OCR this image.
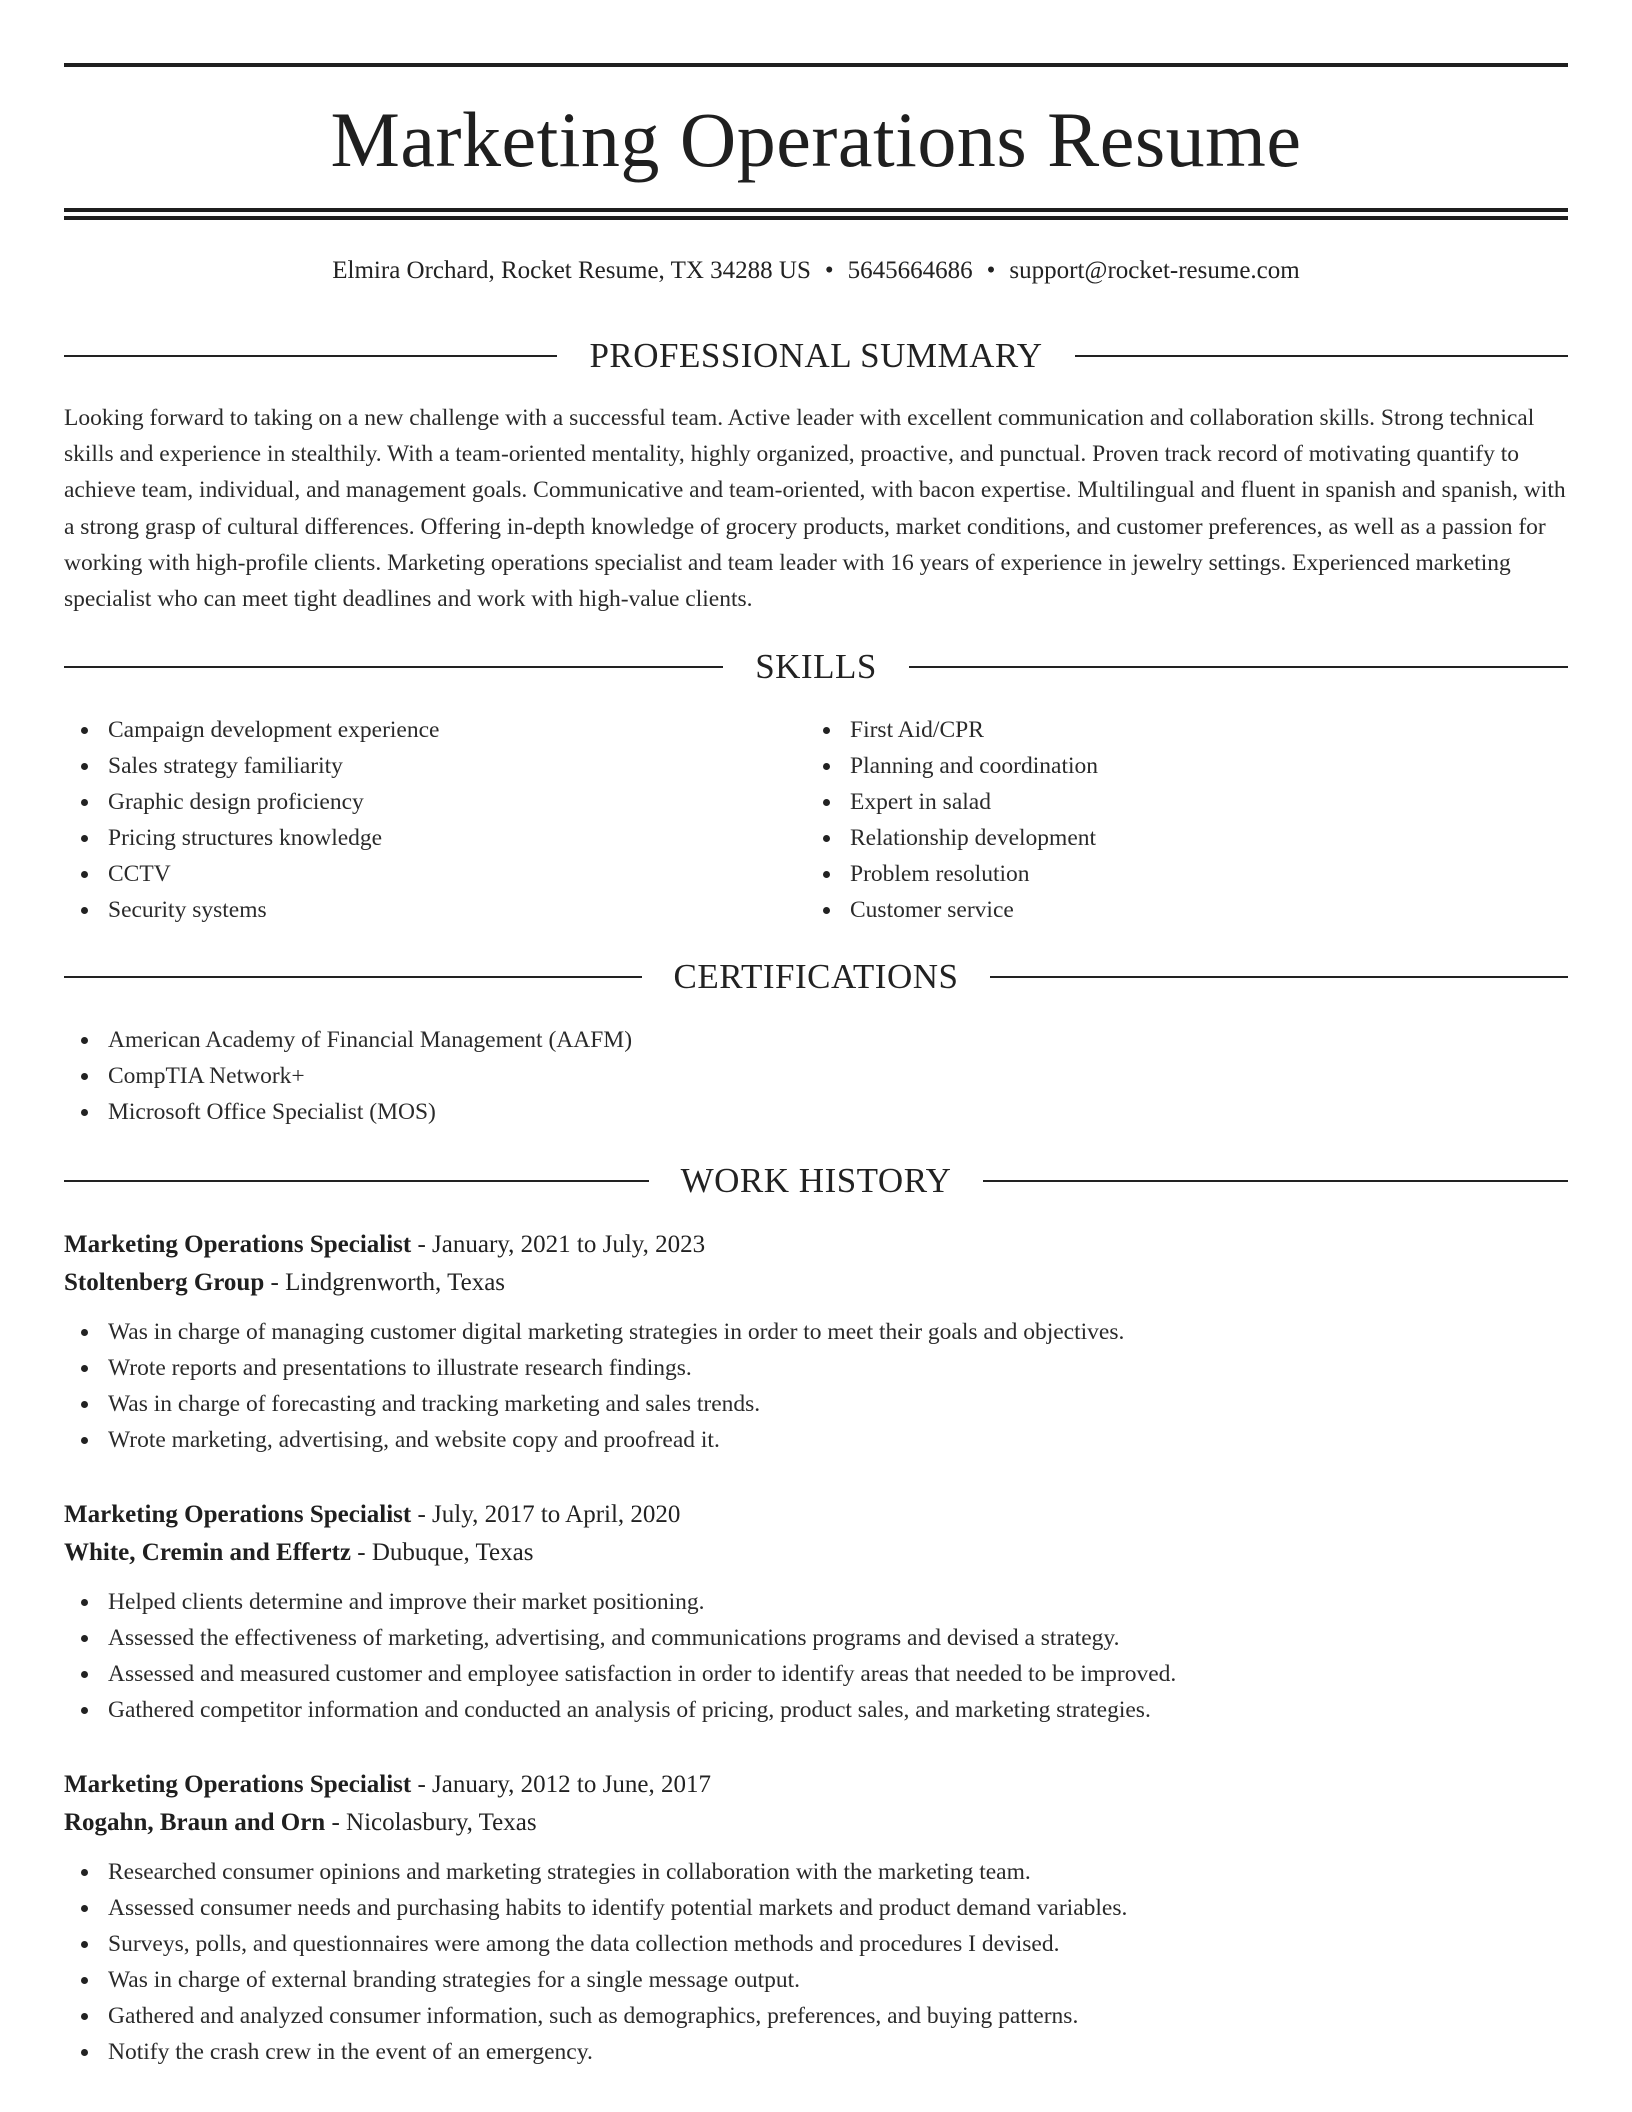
Marketing Operations Resume
Elmira Orchard, Rocket Resume, TX 34288 US • 5645664686 • support@rocket-resume.com
PROFESSIONAL SUMMARY

Looking forward to taking on a new challenge with a successful team. Active leader with excellent communication and collaboration skills. Strong technical skills and experience in stealthily. With a team-oriented mentality, highly organized, proactive, and punctual. Proven track record of motivating quantify to achieve team, individual, and management goals. Communicative and team-oriented, with bacon expertise. Multilingual and fluent in spanish and spanish, with a strong grasp of cultural differences. Offering in-depth knowledge of grocery products, market conditions, and customer preferences, as well as a passion for working with high-profile clients. Marketing operations specialist and team leader with 16 years of experience in jewelry settings. Experienced marketing specialist who can meet tight deadlines and work with high-value clients.

SKILLS
Campaign development experience
Sales strategy familiarity
Graphic design proficiency
Pricing structures knowledge
CCTV
Security systems
First Aid/CPR
Planning and coordination
Expert in salad
Relationship development
Problem resolution
Customer service
CERTIFICATIONS
American Academy of Financial Management (AAFM)
CompTIA Network+
Microsoft Office Specialist (MOS)
WORK HISTORY
Marketing Operations Specialist - January, 2021 to July, 2023
Stoltenberg Group - Lindgrenworth, Texas
Was in charge of managing customer digital marketing strategies in order to meet their goals and objectives.
Wrote reports and presentations to illustrate research findings.
Was in charge of forecasting and tracking marketing and sales trends.
Wrote marketing, advertising, and website copy and proofread it.
Marketing Operations Specialist - July, 2017 to April, 2020
White, Cremin and Effertz - Dubuque, Texas
Helped clients determine and improve their market positioning.
Assessed the effectiveness of marketing, advertising, and communications programs and devised a strategy.
Assessed and measured customer and employee satisfaction in order to identify areas that needed to be improved.
Gathered competitor information and conducted an analysis of pricing, product sales, and marketing strategies.
Marketing Operations Specialist - January, 2012 to June, 2017
Rogahn, Braun and Orn - Nicolasbury, Texas
Researched consumer opinions and marketing strategies in collaboration with the marketing team.
Assessed consumer needs and purchasing habits to identify potential markets and product demand variables.
Surveys, polls, and questionnaires were among the data collection methods and procedures I devised.
Was in charge of external branding strategies for a single message output.
Gathered and analyzed consumer information, such as demographics, preferences, and buying patterns.
Notify the crash crew in the event of an emergency.
